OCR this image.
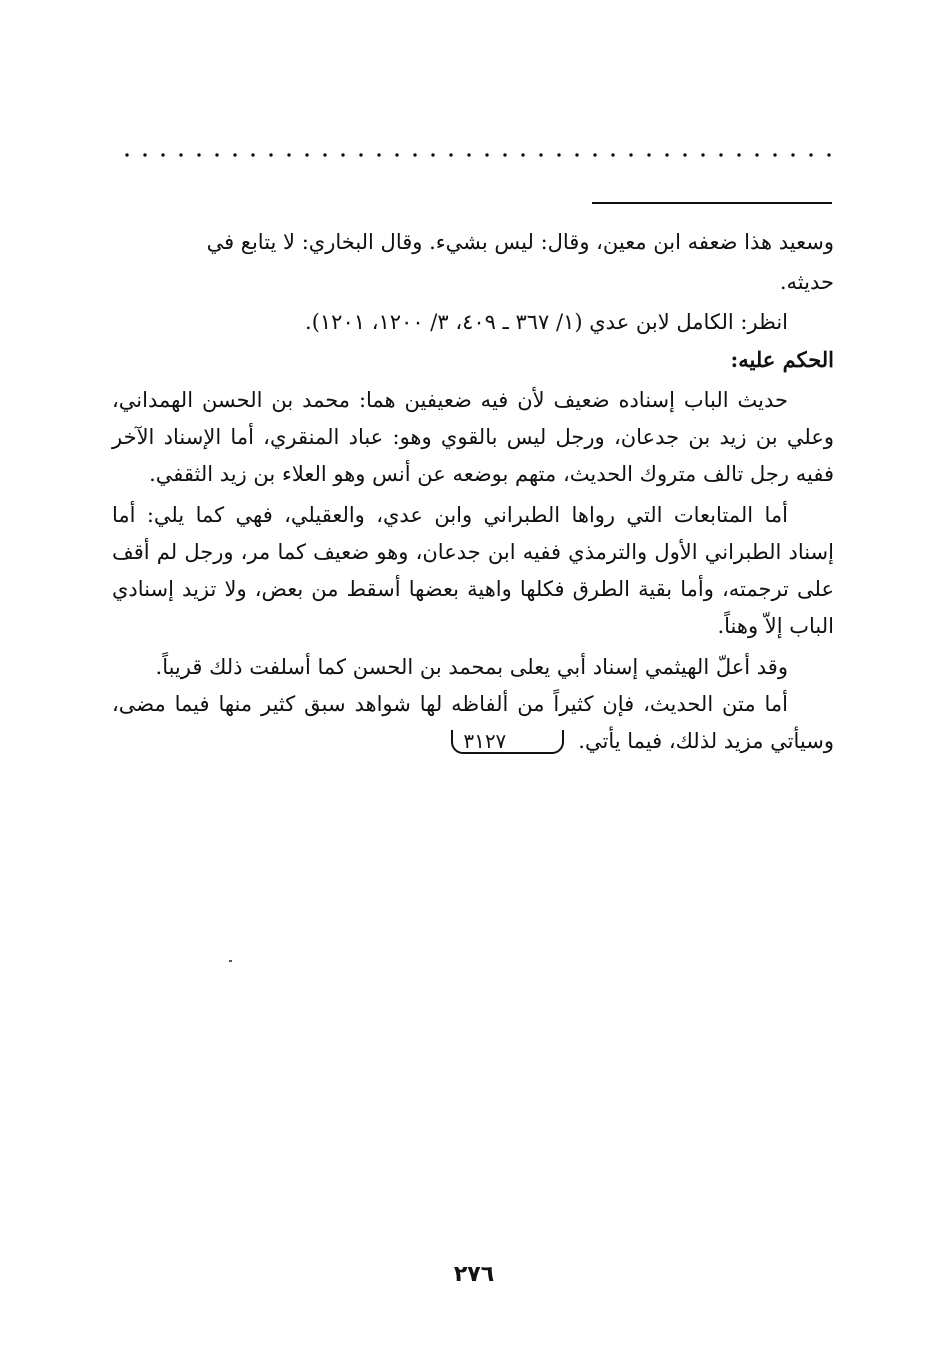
وسعيد هذا ضعفه ابن معين، وقال: ليس بشيء. وقال البخاري: لا يتابع في

حديثه.

انظر: الكامل لابن عدي (١/ ٣٦٧ ـ ٤٠٩، ٣/ ١٢٠٠، ١٢٠١).

الحكم عليه:

حديث الباب إسناده ضعيف لأن فيه ضعيفين هما: محمد بن الحسن الهمداني، وعلي بن زيد بن جدعان، ورجل ليس بالقوي وهو: عباد المنقري، أما الإسناد الآخر ففيه رجل تالف متروك الحديث، متهم بوضعه عن أنس وهو العلاء بن زيد الثقفي.

أما المتابعات التي رواها الطبراني وابن عدي، والعقيلي، فهي كما يلي: أما إسناد الطبراني الأول والترمذي ففيه ابن جدعان، وهو ضعيف كما مر، ورجل لم أقف على ترجمته، وأما بقية الطرق فكلها واهية بعضها أسقط من بعض، ولا تزيد إسنادي الباب إلاّ وهناً.

وقد أعلّ الهيثمي إسناد أبي يعلى بمحمد بن الحسن كما أسلفت ذلك قريباً.

أما متن الحديث، فإن كثيراً من ألفاظه لها شواهد سبق كثير منها فيما مضى، وسيأتي مزيد لذلك، فيما يأتي.٣١٢٧

٢٧٦
